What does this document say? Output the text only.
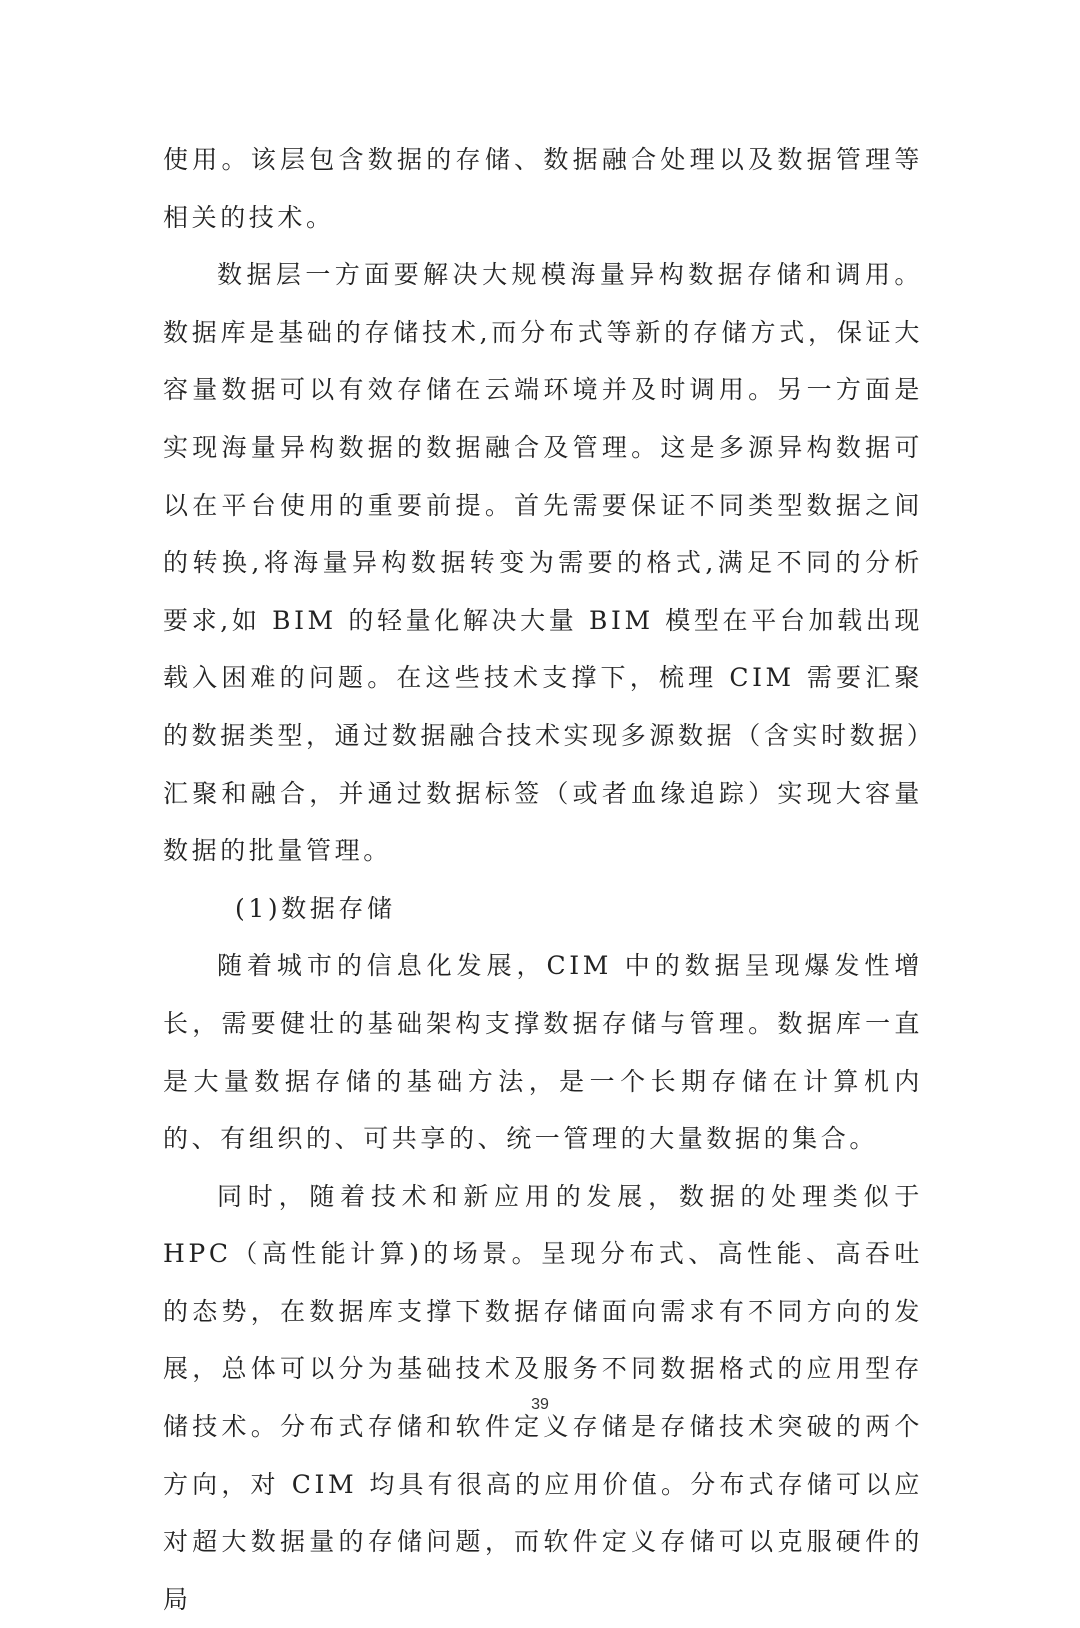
使用。该层包含数据的存储、数据融合处理以及数据管理等相关的技术。

数据层一方面要解决大规模海量异构数据存储和调用。数据库是基础的存储技术,而分布式等新的存储方式，保证大容量数据可以有效存储在云端环境并及时调用。另一方面是实现海量异构数据的数据融合及管理。这是多源异构数据可以在平台使用的重要前提。首先需要保证不同类型数据之间的转换,将海量异构数据转变为需要的格式,满足不同的分析要求,如 BIM 的轻量化解决大量 BIM 模型在平台加载出现载入困难的问题。在这些技术支撑下，梳理 CIM 需要汇聚的数据类型，通过数据融合技术实现多源数据（含实时数据）汇聚和融合，并通过数据标签（或者血缘追踪）实现大容量数据的批量管理。

(1)数据存储

随着城市的信息化发展，CIM 中的数据呈现爆发性增长，需要健壮的基础架构支撑数据存储与管理。数据库一直是大量数据存储的基础方法，是一个长期存储在计算机内的、有组织的、可共享的、统一管理的大量数据的集合。

同时，随着技术和新应用的发展，数据的处理类似于 HPC（高性能计算)的场景。呈现分布式、高性能、高吞吐的态势，在数据库支撑下数据存储面向需求有不同方向的发展，总体可以分为基础技术及服务不同数据格式的应用型存储技术。分布式存储和软件定义存储是存储技术突破的两个方向，对 CIM 均具有很高的应用价值。分布式存储可以应对超大数据量的存储问题，而软件定义存储可以克服硬件的局

39
